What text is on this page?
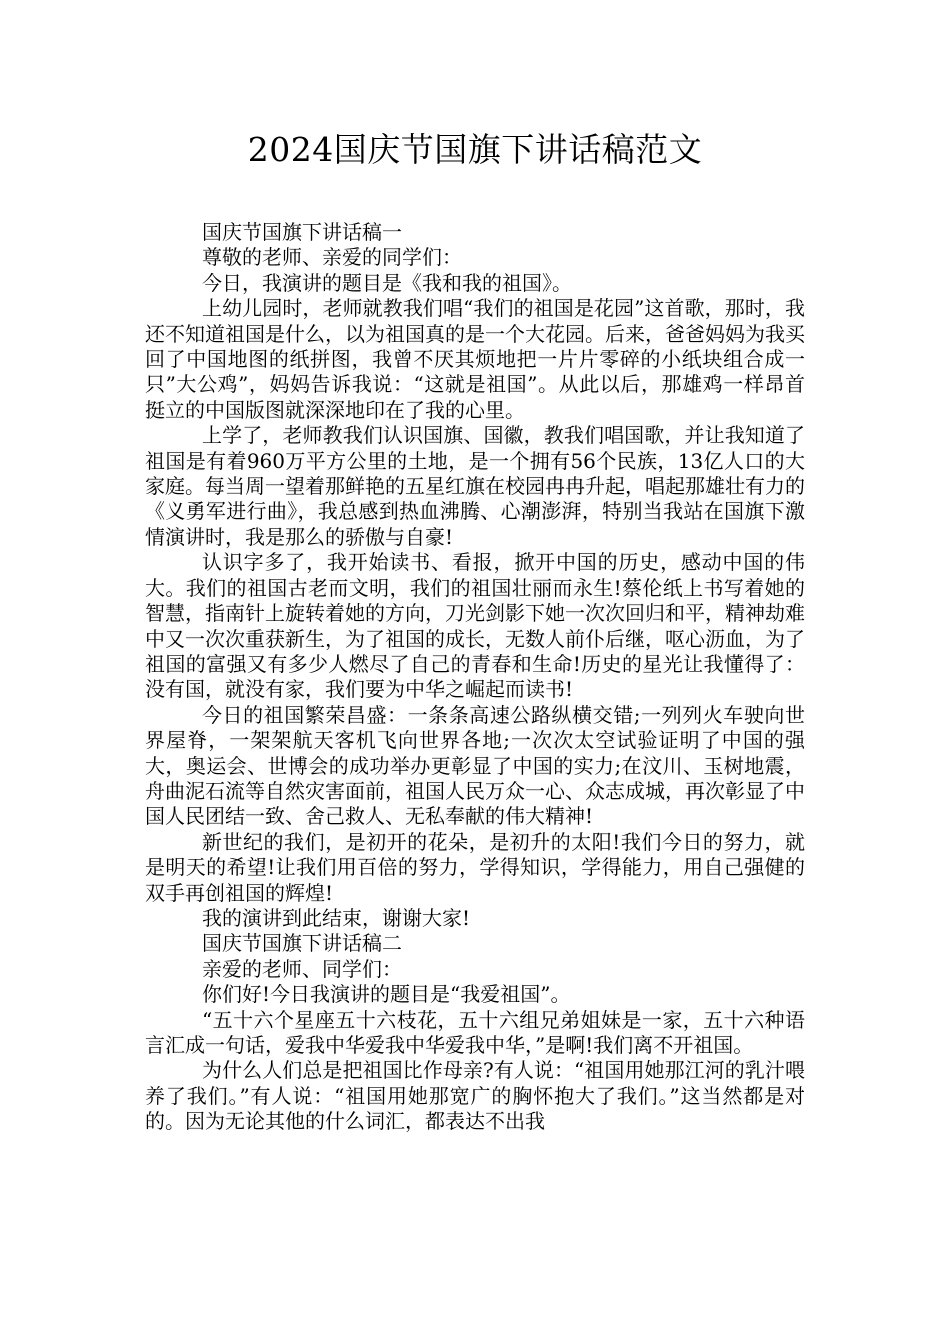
2024国庆节国旗下讲话稿范文

国庆节国旗下讲话稿一

尊敬的老师、亲爱的同学们：

今日，我演讲的题目是《我和我的祖国》。

上幼儿园时，老师就教我们唱“我们的祖国是花园”这首歌，那时，我还不知道祖国是什么，以为祖国真的是一个大花园。后来，爸爸妈妈为我买回了中国地图的纸拼图，我曾不厌其烦地把一片片零碎的小纸块组合成一只”大公鸡”，妈妈告诉我说：“这就是祖国”。从此以后，那雄鸡一样昂首挺立的中国版图就深深地印在了我的心里。

上学了，老师教我们认识国旗、国徽，教我们唱国歌，并让我知道了祖国是有着960万平方公里的土地，是一个拥有56个民族，13亿人口的大家庭。每当周一望着那鲜艳的五星红旗在校园冉冉升起，唱起那雄壮有力的《义勇军进行曲》，我总感到热血沸腾、心潮澎湃，特别当我站在国旗下激情演讲时，我是那么的骄傲与自豪!

认识字多了，我开始读书、看报，掀开中国的历史，感动中国的伟大。我们的祖国古老而文明，我们的祖国壮丽而永生!蔡伦纸上书写着她的智慧，指南针上旋转着她的方向，刀光剑影下她一次次回归和平，精神劫难中又一次次重获新生，为了祖国的成长，无数人前仆后继，呕心沥血，为了祖国的富强又有多少人燃尽了自己的青春和生命!历史的星光让我懂得了：没有国，就没有家，我们要为中华之崛起而读书!

今日的祖国繁荣昌盛：一条条高速公路纵横交错;一列列火车驶向世界屋脊，一架架航天客机飞向世界各地;一次次太空试验证明了中国的强大，奥运会、世博会的成功举办更彰显了中国的实力;在汶川、玉树地震，舟曲泥石流等自然灾害面前，祖国人民万众一心、众志成城，再次彰显了中国人民团结一致、舍己救人、无私奉献的伟大精神!

新世纪的我们，是初开的花朵，是初升的太阳!我们今日的努力，就是明天的希望!让我们用百倍的努力，学得知识，学得能力，用自己强健的双手再创祖国的辉煌!

我的演讲到此结束，谢谢大家!

国庆节国旗下讲话稿二

亲爱的老师、同学们：

你们好!今日我演讲的题目是“我爱祖国”。

“五十六个星座五十六枝花，五十六组兄弟姐妹是一家，五十六种语言汇成一句话，爱我中华爱我中华爱我中华，”是啊!我们离不开祖国。

为什么人们总是把祖国比作母亲?有人说：“祖国用她那江河的乳汁喂养了我们。”有人说：“祖国用她那宽广的胸怀抱大了我们。”这当然都是对的。因为无论其他的什么词汇，都表达不出我
